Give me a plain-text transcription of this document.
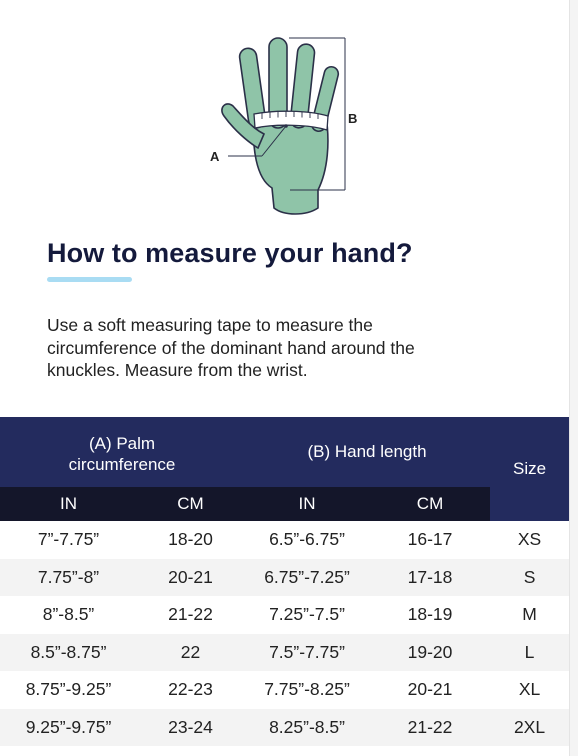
A
B
How to measure your hand?

Use a soft measuring tape to measure the circumference of the dominant hand around the knuckles. Measure from the wrist.

(A) Palm
circumference		(B) Hand length		Size
IN	CM	IN	CM	
7”-7.75”	18-20	6.5”-6.75”	16-17	XS
7.75”-8”	20-21	6.75”-7.25”	17-18	S
8”-8.5”	21-22	7.25”-7.5”	18-19	M
8.5”-8.75”	22	7.5”-7.75”	19-20	L
8.75”-9.25”	22-23	7.75”-8.25”	20-21	XL
9.25”-9.75”	23-24	8.25”-8.5”	21-22	2XL
